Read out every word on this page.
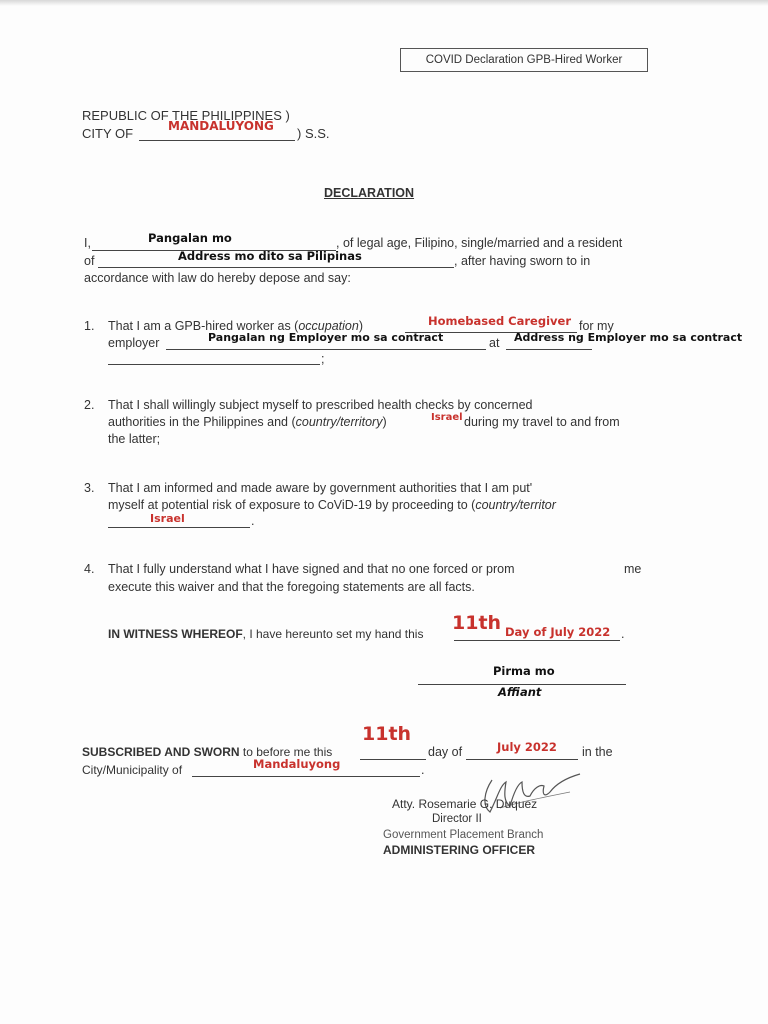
COVID Declaration GPB-Hired Worker
REPUBLIC OF THE PHILIPPINES )
CITY OF	MANDALUYONG ) S.S.
DECLARATION
I,	Pangalan mo	, of legal age, Filipino, single/married and a resident
of	Address mo dito sa Pilipinas	, after having sworn to in
accordance with law do hereby depose and say:
1. That I am a GPB-hired worker as (occupation)	Homebased Caregiver for my
employer	Pangalan ng Employer mo sa contract	at Address ng Employer mo sa contract
;
2. That I shall willingly subject myself to prescribed health checks by concerned
authorities in the Philippines and (country/territory)	Israel during my travel to and from
the latter;
3. That I am informed and made aware by government authorities that I am put'
myself at potential risk of exposure to CoViD-19 by proceeding to (country/territor
Israel	.
4. That I fully understand what I have signed and that no one forced or prom	me
execute this waiver and that the foregoing statements are all facts.
IN WITNESS WHEREOF, I have hereunto set my hand this 11th Day of July 2022 .
Pirma mo
Affiant
SUBSCRIBED AND SWORN to before me this
11th
day of	July 2022 in the
City/Municipality of	Mandaluyong	.
Atty. Rosemarie G. Duquez
Director II
Government Placement Branch
ADMINISTERING OFFICER
